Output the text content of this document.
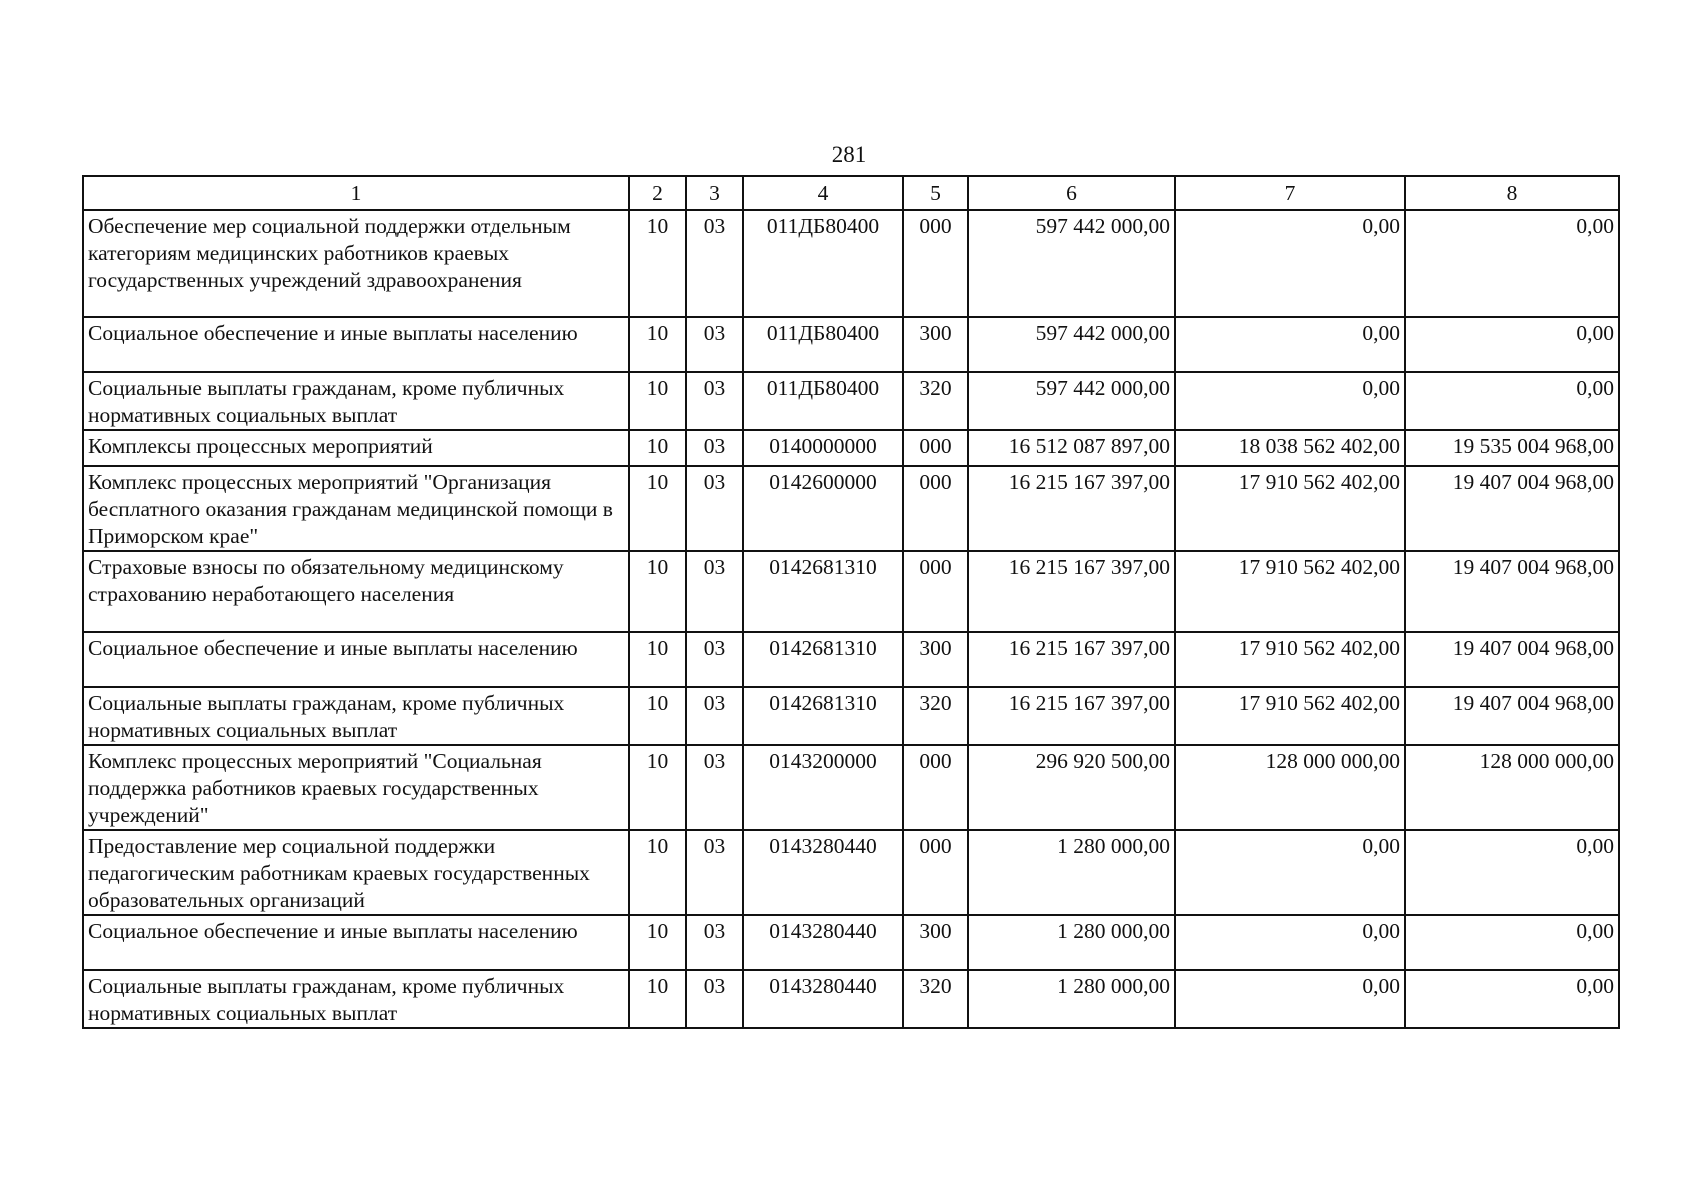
281
1	2	3	4	5	6	7	8
Обеспечение мер социальной поддержки отдельным категориям медицинских работников краевых государственных учреждений здравоохранения	10	03	011ДБ80400	000	597 442 000,00	0,00	0,00
Социальное обеспечение и иные выплаты населению	10	03	011ДБ80400	300	597 442 000,00	0,00	0,00
Социальные выплаты гражданам, кроме публичных нормативных социальных выплат	10	03	011ДБ80400	320	597 442 000,00	0,00	0,00
Комплексы процессных мероприятий	10	03	0140000000	000	16 512 087 897,00	18 038 562 402,00	19 535 004 968,00
Комплекс процессных мероприятий "Организация бесплатного оказания гражданам медицинской помощи в Приморском крае"	10	03	0142600000	000	16 215 167 397,00	17 910 562 402,00	19 407 004 968,00
Страховые взносы по обязательному медицинскому страхованию неработающего населения	10	03	0142681310	000	16 215 167 397,00	17 910 562 402,00	19 407 004 968,00
Социальное обеспечение и иные выплаты населению	10	03	0142681310	300	16 215 167 397,00	17 910 562 402,00	19 407 004 968,00
Социальные выплаты гражданам, кроме публичных нормативных социальных выплат	10	03	0142681310	320	16 215 167 397,00	17 910 562 402,00	19 407 004 968,00
Комплекс процессных мероприятий "Социальная поддержка работников краевых государственных учреждений"	10	03	0143200000	000	296 920 500,00	128 000 000,00	128 000 000,00
Предоставление мер социальной поддержки педагогическим работникам краевых государственных образовательных организаций	10	03	0143280440	000	1 280 000,00	0,00	0,00
Социальное обеспечение и иные выплаты населению	10	03	0143280440	300	1 280 000,00	0,00	0,00
Социальные выплаты гражданам, кроме публичных нормативных социальных выплат	10	03	0143280440	320	1 280 000,00	0,00	0,00
